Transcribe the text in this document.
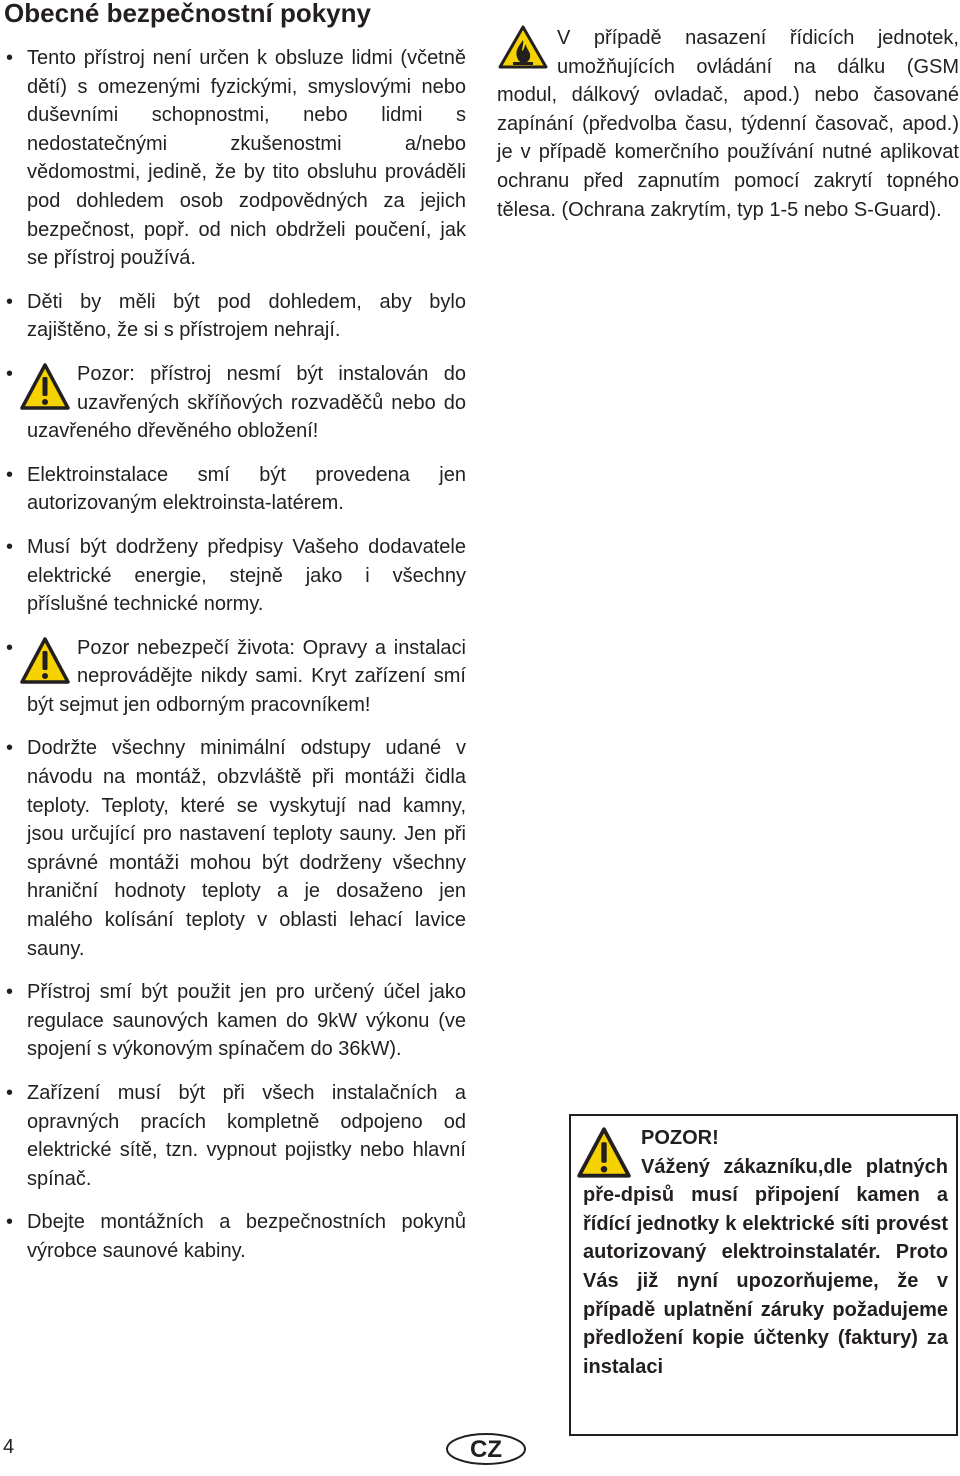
Obecné bezpečnostní pokyny
• Tento přístroj není určen k obsluze lidmi (včetně dětí) s omezenými fyzickými, smyslovými nebo duševními schopnostmi, nebo lidmi s nedostatečnými zkušenostmi a/nebo vědomostmi, jedině, že by tito obsluhu prováděli pod dohledem osob zodpovědných za jejich bezpečnost, popř. od nich obdrželi poučení, jak se přístroj používá.
• Děti by měli být pod dohledem, aby bylo zajištěno, že si s přístrojem nehrají.
•	Pozor: přístroj nesmí být instalován do uzavřených skříňových rozvaděčů nebo do uzavřeného dřevěného obložení!
• Elektroinstalace smí být provedena jen autorizovaným elektroinsta-latérem.
• Musí být dodrženy předpisy Vašeho dodavatele elektrické energie, stejně jako i všechny příslušné technické normy.
•	Pozor nebezpečí života: Opravy a instalaci neprovádějte nikdy sami. Kryt zařízení smí být sejmut jen odborným pracovníkem!
• Dodržte všechny minimální odstupy udané v návodu na montáž, obzvláště při montáži čidla teploty. Teploty, které se vyskytují nad kamny, jsou určující pro nastavení teploty sauny. Jen při správné montáži mohou být dodrženy všechny hraniční hodnoty teploty a je dosaženo jen malého kolísání teploty v oblasti lehací lavice sauny.
• Přístroj smí být použit jen pro určený účel jako regulace saunových kamen do 9kW výkonu (ve spojení s výkonovým spínačem do 36kW).
• Zařízení musí být při všech instalačních a opravných pracích kompletně odpojeno od elektrické sítě, tzn. vypnout pojistky nebo hlavní spínač.
• Dbejte montážních a bezpečnostních pokynů výrobce saunové kabiny.
V případě nasazení řídicích jednotek, umožňujících ovládání na dálku (GSM modul, dálkový ovladač, apod.) nebo časované zapínání (předvolba času, týdenní časovač, apod.) je v případě komerčního používání nutné aplikovat ochranu před zapnutím pomocí zakrytí topného tělesa. (Ochrana zakrytím, typ 1-5 nebo S-Guard).
POZOR!
Vážený zákazníku,dle platných pře-dpisů musí připojení kamen a řídící jednotky k elektrické síti provést autorizovaný elektroinstalatér. Proto Vás již nyní upozorňujeme, že v případě uplatnění záruky požadujeme předložení kopie účtenky (faktury) za instalaci
4	CZ
